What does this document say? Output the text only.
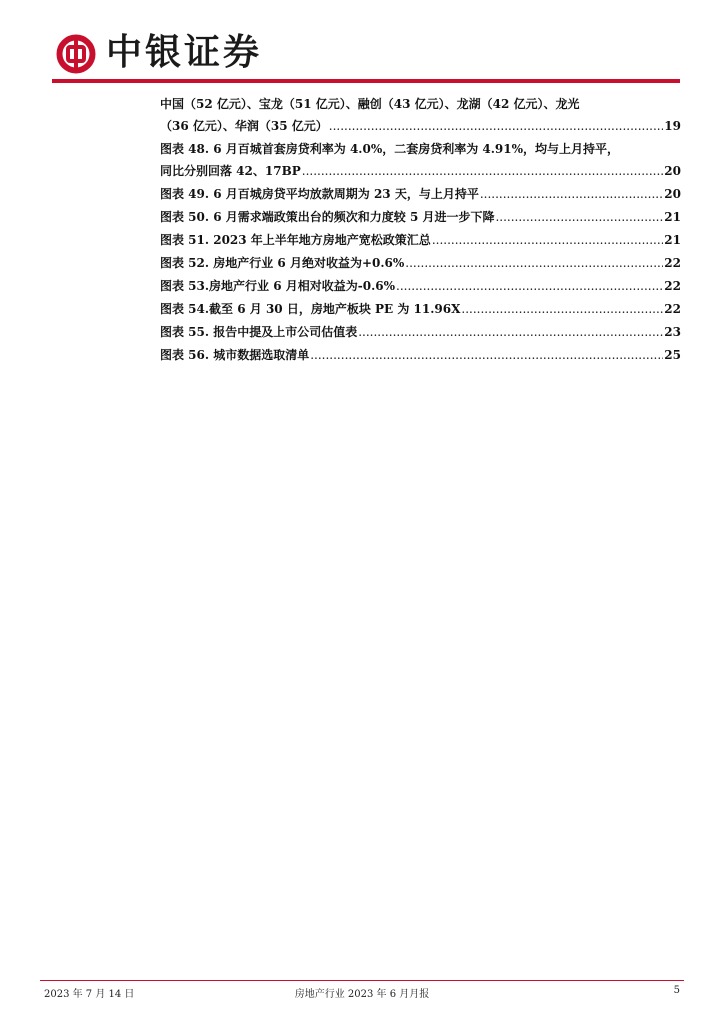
中银证券
中国（52 亿元）、宝龙（51 亿元）、融创（43 亿元）、龙湖（42 亿元）、龙光
（36 亿元）、华润（35 亿元） .....	19
图表 48. 6 月百城首套房贷利率为 4.0%，二套房贷利率为 4.91%，均与上月持平，
同比分别回落 42、17BP .....	20
图表 49. 6 月百城房贷平均放款周期为 23 天，与上月持平 .....	20
图表 50. 6 月需求端政策出台的频次和力度较 5 月进一步下降 .....	21
图表 51. 2023 年上半年地方房地产宽松政策汇总 .....	21
图表 52. 房地产行业 6 月绝对收益为+0.6% .....	22
图表 53.房地产行业 6 月相对收益为-0.6% .....	22
图表 54.截至 6 月 30 日，房地产板块 PE 为 11.96X .....	22
图表 55. 报告中提及上市公司估值表 .....	23
图表 56. 城市数据选取清单 .....	25
2023 年 7 月 14 日	房地产行业 2023 年 6 月月报	5
